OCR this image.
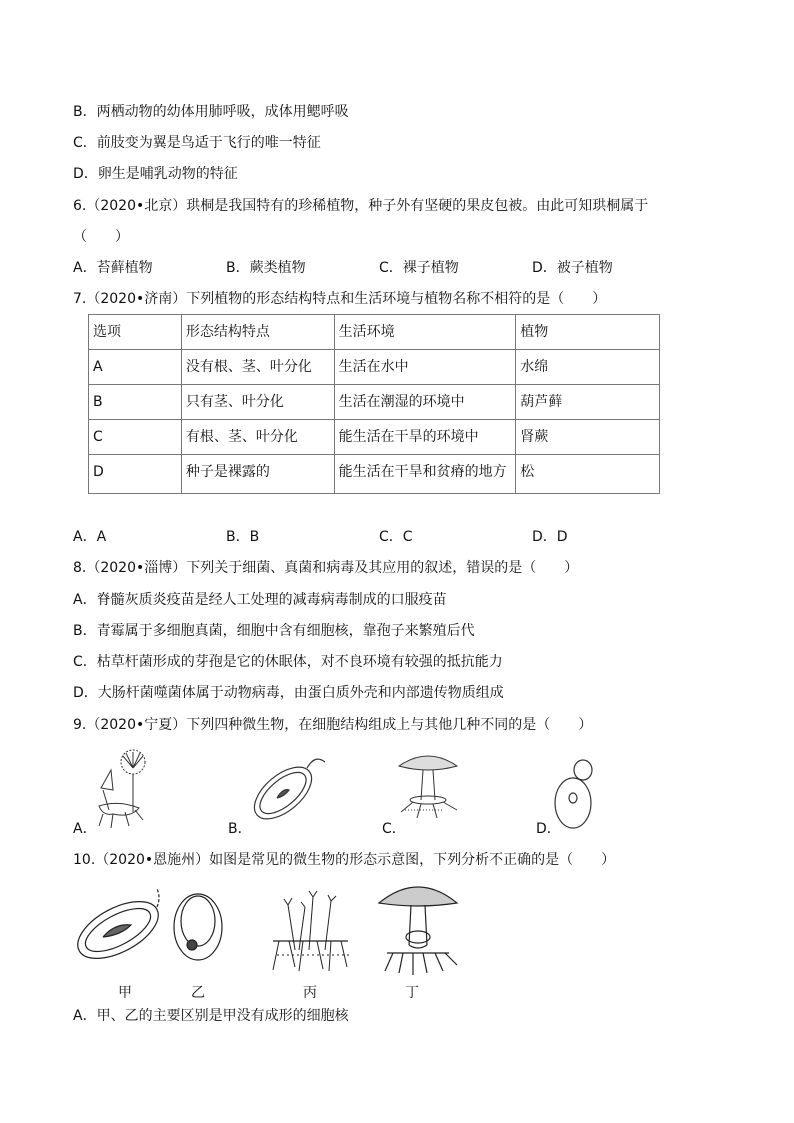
B．两栖动物的幼体用肺呼吸，成体用鳃呼吸
C．前肢变为翼是鸟适于飞行的唯一特征
D．卵生是哺乳动物的特征
6.（2020•北京）珙桐是我国特有的珍稀植物，种子外有坚硬的果皮包被。由此可知珙桐属于
（　　）
A．苔藓植物	B．蕨类植物	C．裸子植物	D．被子植物
7.（2020•济南）下列植物的形态结构特点和生活环境与植物名称不相符的是（　　）
选项	形态结构特点	生活环境	植物
A	没有根、茎、叶分化	生活在水中	水绵
B	只有茎、叶分化	生活在潮湿的环境中	葫芦藓
C	有根、茎、叶分化	能生活在干旱的环境中	肾蕨
D	种子是裸露的	能生活在干旱和贫瘠的地方	松
A．A	B．B	C．C	D．D
8.（2020•淄博）下列关于细菌、真菌和病毒及其应用的叙述，错误的是（　　）
A．脊髓灰质炎疫苗是经人工处理的减毒病毒制成的口服疫苗
B．青霉属于多细胞真菌，细胞中含有细胞核，靠孢子来繁殖后代
C．枯草杆菌形成的芽孢是它的休眠体，对不良环境有较强的抵抗能力
D．大肠杆菌噬菌体属于动物病毒，由蛋白质外壳和内部遗传物质组成
9.（2020•宁夏）下列四种微生物，在细胞结构组成上与其他几种不同的是（　　）
A．	B．	C．	D．
10.（2020•恩施州）如图是常见的微生物的形态示意图，下列分析不正确的是（　　）
甲	乙	丙	丁
A．甲、乙的主要区别是甲没有成形的细胞核
